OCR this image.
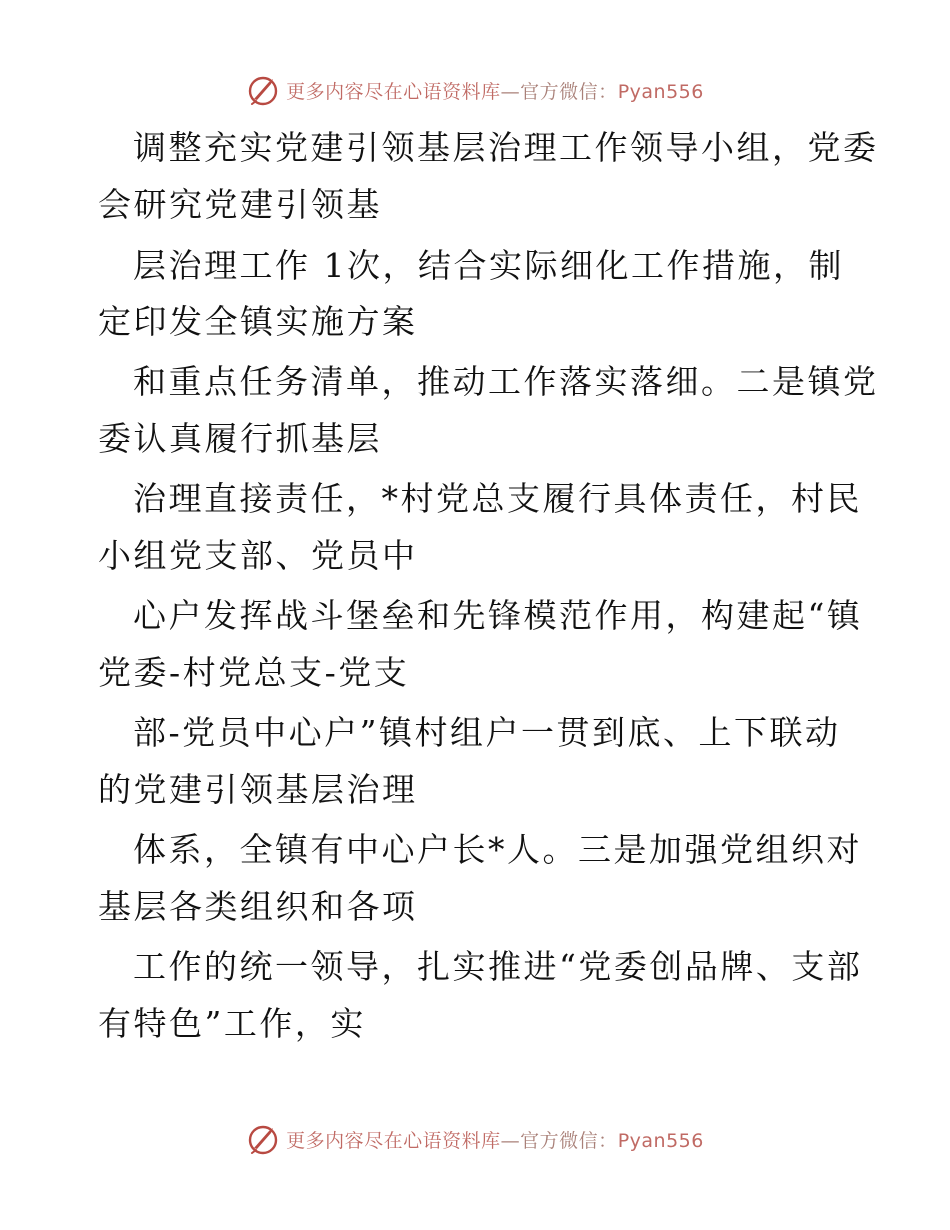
更多内容尽在心语资料库—官方微信：Pyan556
调整充实党建引领基层治理工作领导小组，党委
会研究党建引领基
层治理工作 1次，结合实际细化工作措施，制
定印发全镇实施方案
和重点任务清单，推动工作落实落细。二是镇党
委认真履行抓基层
治理直接责任，*村党总支履行具体责任，村民
小组党支部、党员中
心户发挥战斗堡垒和先锋模范作用，构建起“镇
党委-村党总支-党支
部-党员中心户”镇村组户一贯到底、上下联动
的党建引领基层治理
体系，全镇有中心户长*人。三是加强党组织对
基层各类组织和各项
工作的统一领导，扎实推进“党委创品牌、支部
有特色”工作，实
更多内容尽在心语资料库—官方微信：Pyan556
